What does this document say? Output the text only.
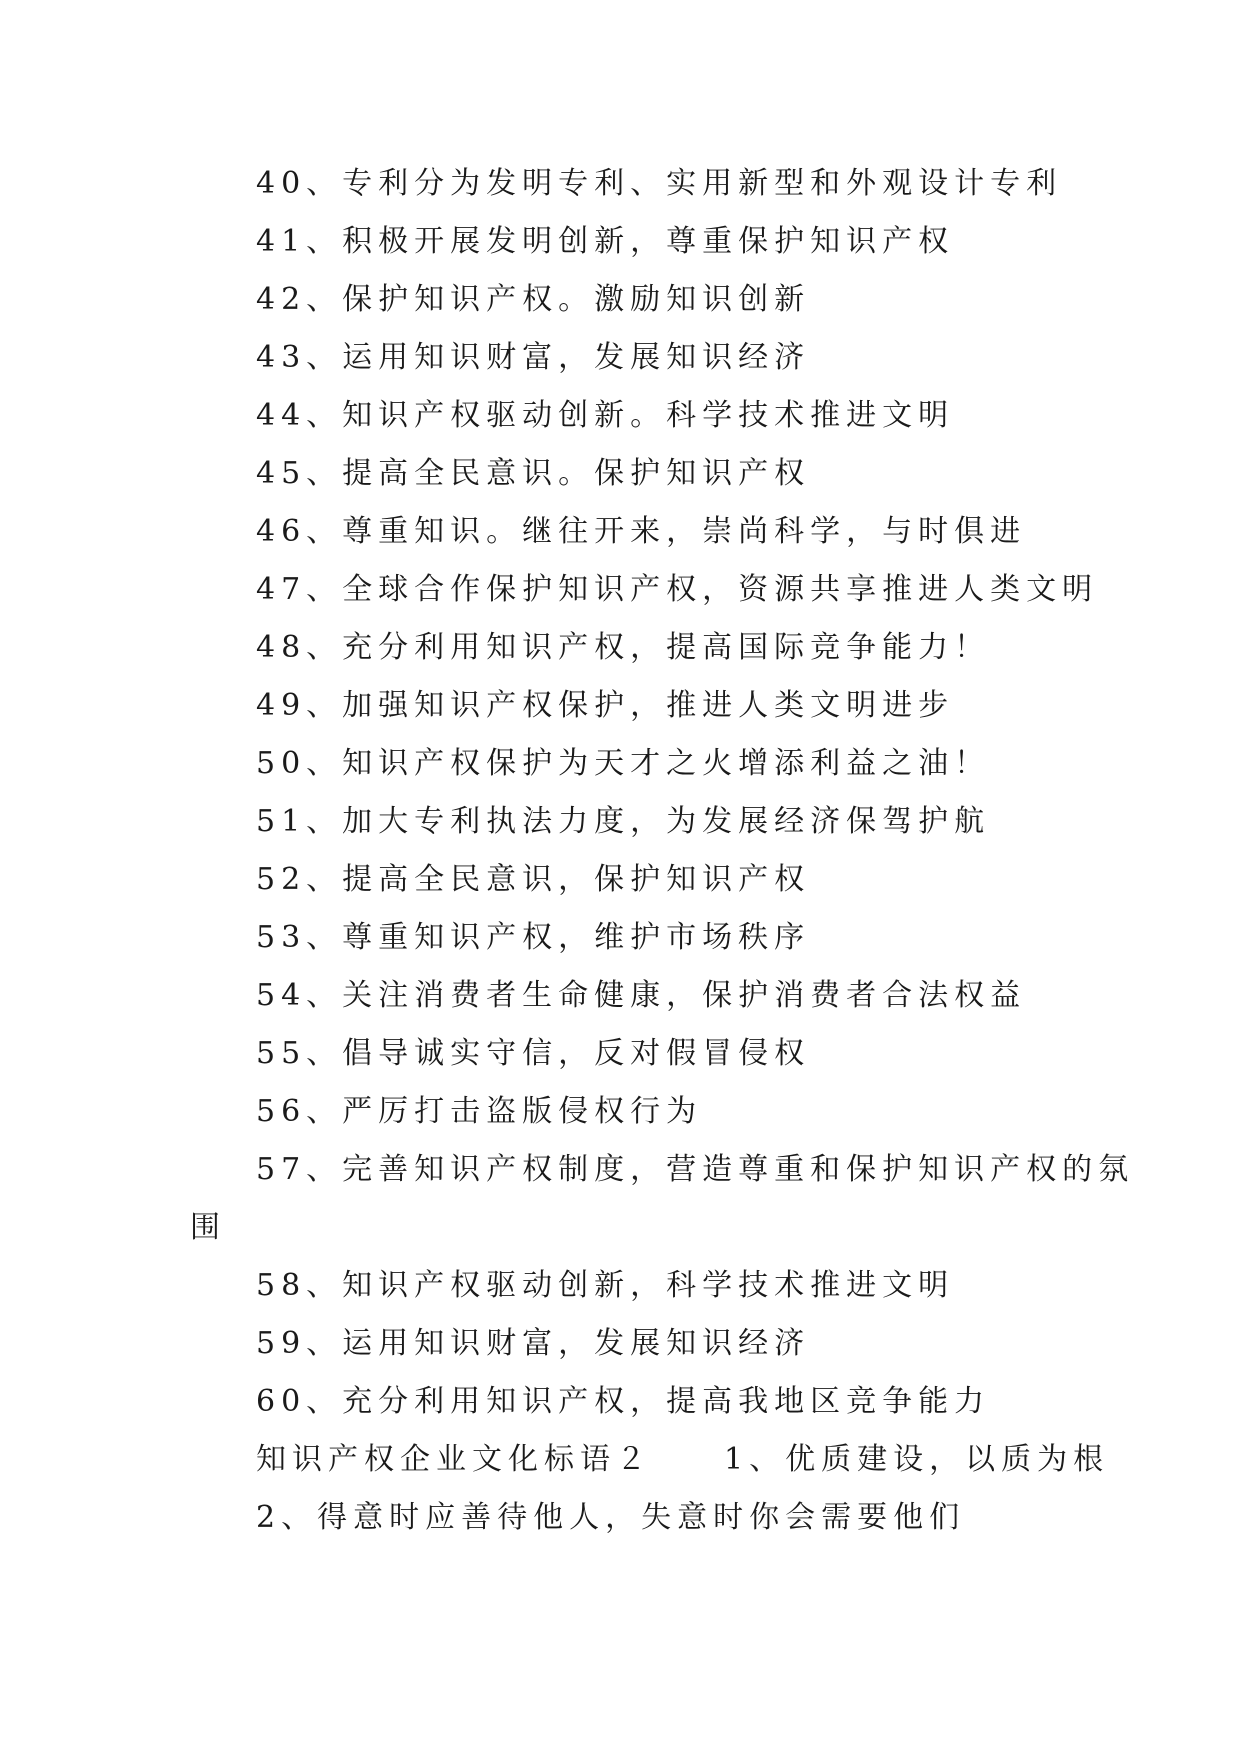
40、专利分为发明专利、实用新型和外观设计专利
41、积极开展发明创新，尊重保护知识产权
42、保护知识产权。激励知识创新
43、运用知识财富，发展知识经济
44、知识产权驱动创新。科学技术推进文明
45、提高全民意识。保护知识产权
46、尊重知识。继往开来，崇尚科学，与时俱进
47、全球合作保护知识产权，资源共享推进人类文明
48、充分利用知识产权，提高国际竞争能力！
49、加强知识产权保护，推进人类文明进步
50、知识产权保护为天才之火增添利益之油！
51、加大专利执法力度，为发展经济保驾护航
52、提高全民意识，保护知识产权
53、尊重知识产权，维护市场秩序
54、关注消费者生命健康，保护消费者合法权益
55、倡导诚实守信，反对假冒侵权
56、严厉打击盗版侵权行为
57、完善知识产权制度，营造尊重和保护知识产权的氛
围
58、知识产权驱动创新，科学技术推进文明
59、运用知识财富，发展知识经济
60、充分利用知识产权，提高我地区竞争能力
知识产权企业文化标语２　　1、优质建设，以质为根
2、得意时应善待他人，失意时你会需要他们
